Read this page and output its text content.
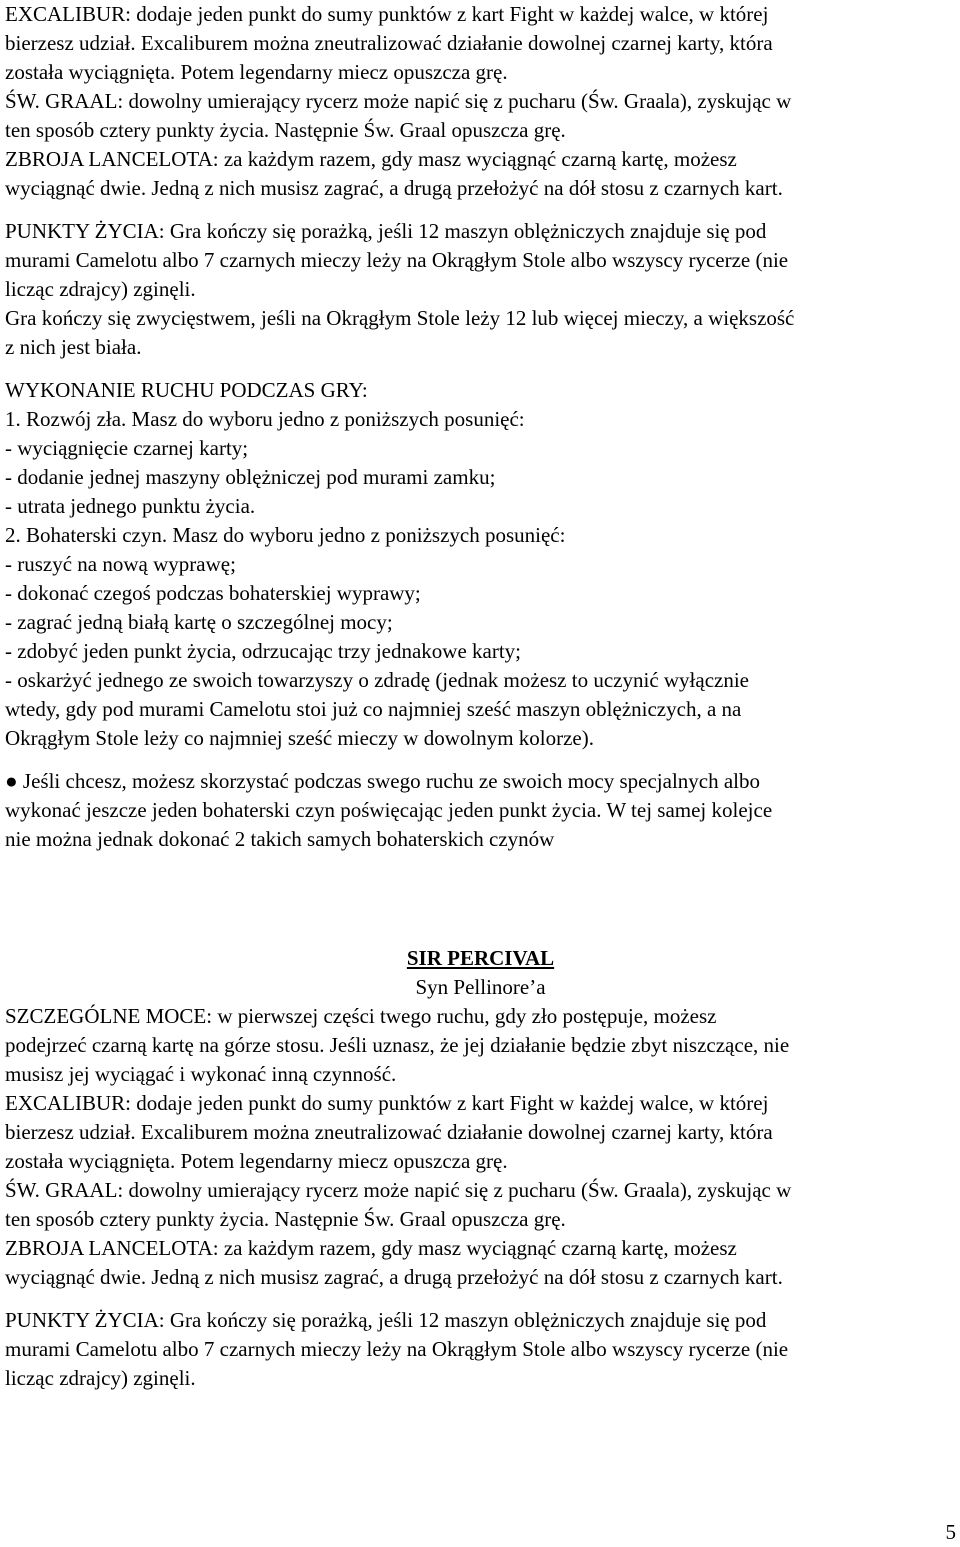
EXCALIBUR: dodaje jeden punkt do sumy punktów z kart Fight w każdej walce, w której
bierzesz udział. Excaliburem można zneutralizować działanie dowolnej czarnej karty, która
została wyciągnięta. Potem legendarny miecz opuszcza grę.
ŚW. GRAAL: dowolny umierający rycerz może napić się z pucharu (Św. Graala), zyskując w
ten sposób cztery punkty życia. Następnie Św. Graal opuszcza grę.
ZBROJA LANCELOTA: za każdym razem, gdy masz wyciągnąć czarną kartę, możesz
wyciągnąć dwie. Jedną z nich musisz zagrać, a drugą przełożyć na dół stosu z czarnych kart.
PUNKTY ŻYCIA: Gra kończy się porażką, jeśli 12 maszyn oblężniczych znajduje się pod
murami Camelotu albo 7 czarnych mieczy leży na Okrągłym Stole albo wszyscy rycerze (nie
licząc zdrajcy) zginęli.
Gra kończy się zwycięstwem, jeśli na Okrągłym Stole leży 12 lub więcej mieczy, a większość
z nich jest biała.
WYKONANIE RUCHU PODCZAS GRY:
1. Rozwój zła. Masz do wyboru jedno z poniższych posunięć:
- wyciągnięcie czarnej karty;
- dodanie jednej maszyny oblężniczej pod murami zamku;
- utrata jednego punktu życia.
2. Bohaterski czyn. Masz do wyboru jedno z poniższych posunięć:
- ruszyć na nową wyprawę;
- dokonać czegoś podczas bohaterskiej wyprawy;
- zagrać jedną białą kartę o szczególnej mocy;
- zdobyć jeden punkt życia, odrzucając trzy jednakowe karty;
- oskarżyć jednego ze swoich towarzyszy o zdradę (jednak możesz to uczynić wyłącznie
wtedy, gdy pod murami Camelotu stoi już co najmniej sześć maszyn oblężniczych, a na
Okrągłym Stole leży co najmniej sześć mieczy w dowolnym kolorze).
● Jeśli chcesz, możesz skorzystać podczas swego ruchu ze swoich mocy specjalnych albo
wykonać jeszcze jeden bohaterski czyn poświęcając jeden punkt życia. W tej samej kolejce
nie można jednak dokonać 2 takich samych bohaterskich czynów
SIR PERCIVAL
Syn Pellinore’a
SZCZEGÓLNE MOCE: w pierwszej części twego ruchu, gdy zło postępuje, możesz
podejrzeć czarną kartę na górze stosu. Jeśli uznasz, że jej działanie będzie zbyt niszczące, nie
musisz jej wyciągać i wykonać inną czynność.
EXCALIBUR: dodaje jeden punkt do sumy punktów z kart Fight w każdej walce, w której
bierzesz udział. Excaliburem można zneutralizować działanie dowolnej czarnej karty, która
została wyciągnięta. Potem legendarny miecz opuszcza grę.
ŚW. GRAAL: dowolny umierający rycerz może napić się z pucharu (Św. Graala), zyskując w
ten sposób cztery punkty życia. Następnie Św. Graal opuszcza grę.
ZBROJA LANCELOTA: za każdym razem, gdy masz wyciągnąć czarną kartę, możesz
wyciągnąć dwie. Jedną z nich musisz zagrać, a drugą przełożyć na dół stosu z czarnych kart.
PUNKTY ŻYCIA: Gra kończy się porażką, jeśli 12 maszyn oblężniczych znajduje się pod
murami Camelotu albo 7 czarnych mieczy leży na Okrągłym Stole albo wszyscy rycerze (nie
licząc zdrajcy) zginęli.
5
